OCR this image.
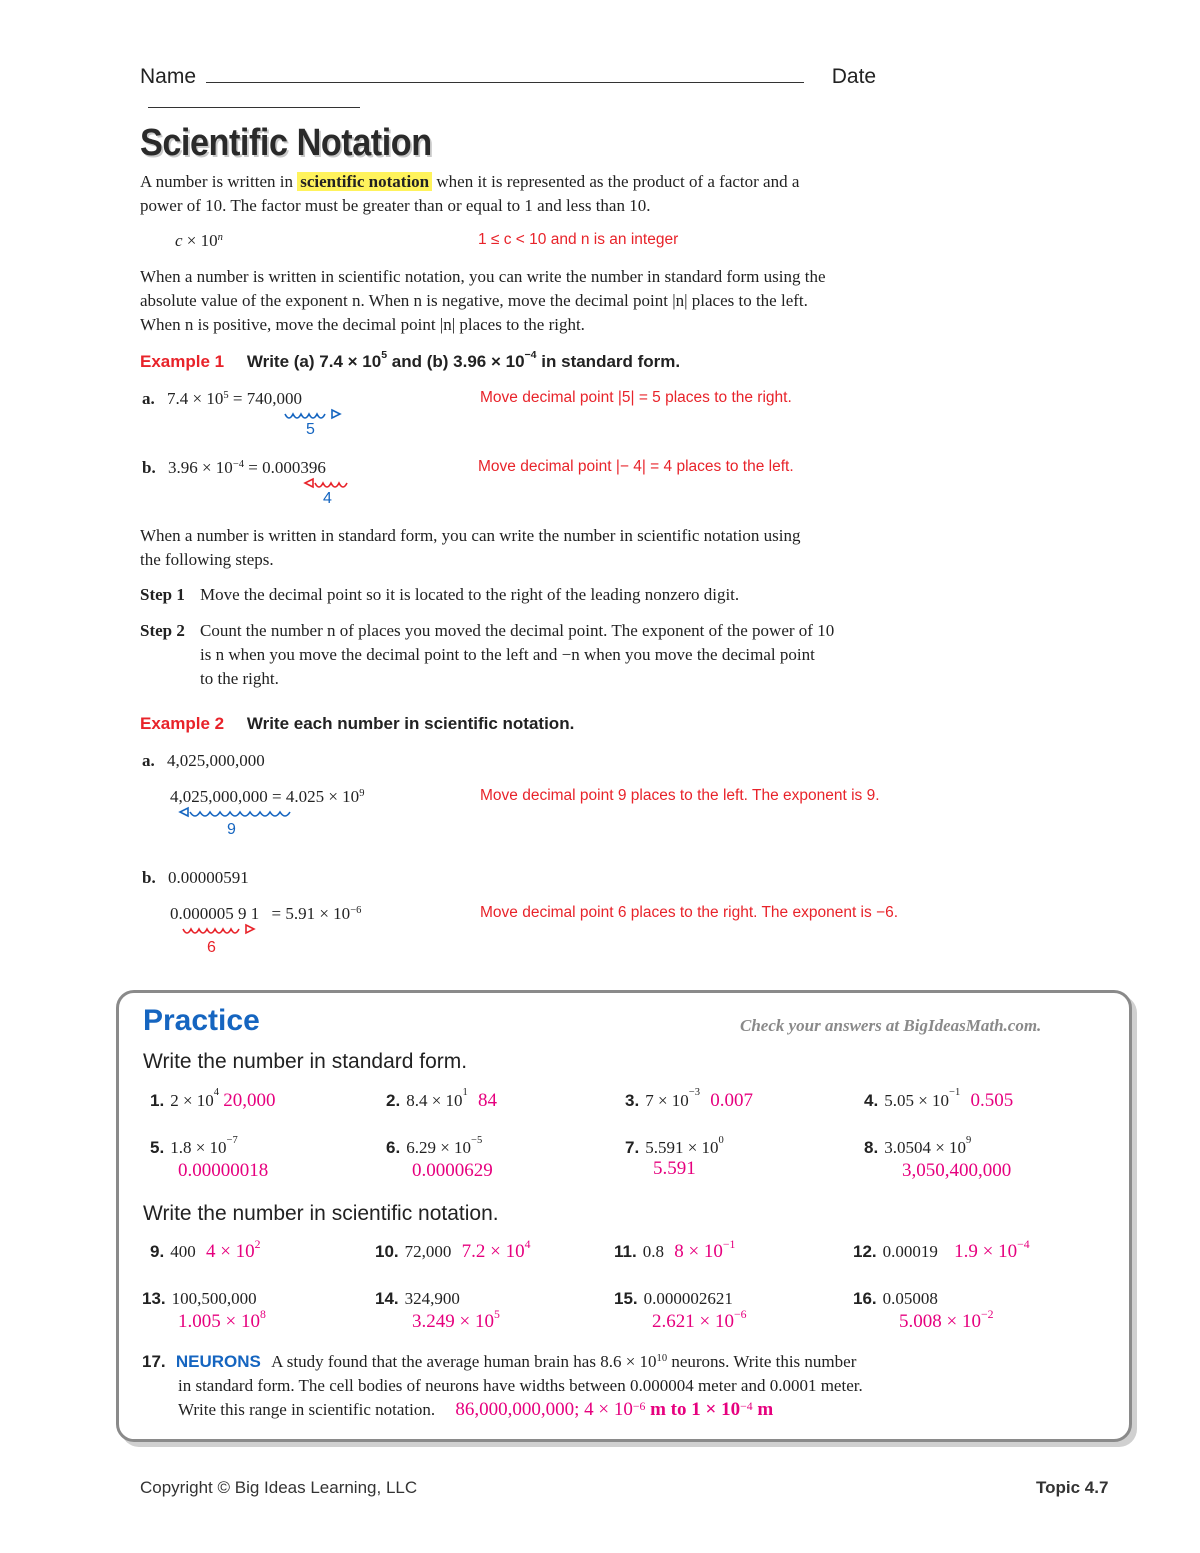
Name	Date
Scientific Notation
A number is written in scientific notation when it is represented as the product of a factor and a
power of 10. The factor must be greater than or equal to 1 and less than 10.
$c \times 10^n$	1 ≤ c < 10 and n is an integer
When a number is written in scientific notation, you can write the number in standard form using the
absolute value of the exponent n. When n is negative, move the decimal point |n| places to the left.
When n is positive, move the decimal point |n| places to the right.
Example 1 Write (a) $7.4 \times 10^5$ and (b) $3.96 \times 10^{-4}$ in standard form.
a. $7.4 \times 10^5 = 740,000$
5
Move decimal point |5| = 5 places to the right.
b. $3.96 \times 10^{-4} = 0.000396$
4
Move decimal point |− 4| = 4 places to the left.
When a number is written in standard form, you can write the number in scientific notation using
the following steps.
Step 1 Move the decimal point so it is located to the right of the leading nonzero digit.
Step 2 Count the number n of places you moved the decimal point. The exponent of the power of 10
is n when you move the decimal point to the left and −n when you move the decimal point
to the right.
Example 2 Write each number in scientific notation.
a. 4,025,000,000
$4,025,000,000 = 4.025 \times 10^9$
9
Move decimal point 9 places to the left. The exponent is 9.
b. 0.00000591
0.000005 9 $1 = 5.91 \times 10^{-6}$
6
Move decimal point 6 places to the right. The exponent is −6.
Practice	Check your answers at BigIdeasMath.com.
Write the number in standard form.
1. $2 \times 10^4$ 20,000	2. $8.4 \times 10^1$ 84	3. $7 \times 10^{-3}$ 0.007	4. $5.05 \times 10^{-1}$ 0.505
5. $1.8 \times 10^{-7}$
0.00000018
6. $6.29 \times 10^{-5}$
0.0000629
7. $5.591 \times 10^0$
5.591
8. $3.0504 \times 10^9$
3,050,400,000
Write the number in scientific notation.
9. 400 $4 \times 10^2$	10. 72,000 $7.2 \times 10^4$	11. 0.8 $8 \times 10^{-1}$	12. 0.00019 $1.9 \times 10^{-4}$
13. 100,500,000
$1.005 \times 10^8$
14. 324,900
$3.249 \times 10^5$
15. 0.000002621
$2.621 \times 10^{-6}$
16. 0.05008
$5.008 \times 10^{-2}$
17. NEURONS A study found that the average human brain has $8.6 \times 10^{10}$ neurons. Write this number
in standard form. The cell bodies of neurons have widths between 0.000004 meter and 0.0001 meter.
Write this range in scientific notation. 86,000,000,000; $4 \times 10^{-6}$ m to $1 \times 10^{-4}$ m
Copyright © Big Ideas Learning, LLC	Topic 4.7
